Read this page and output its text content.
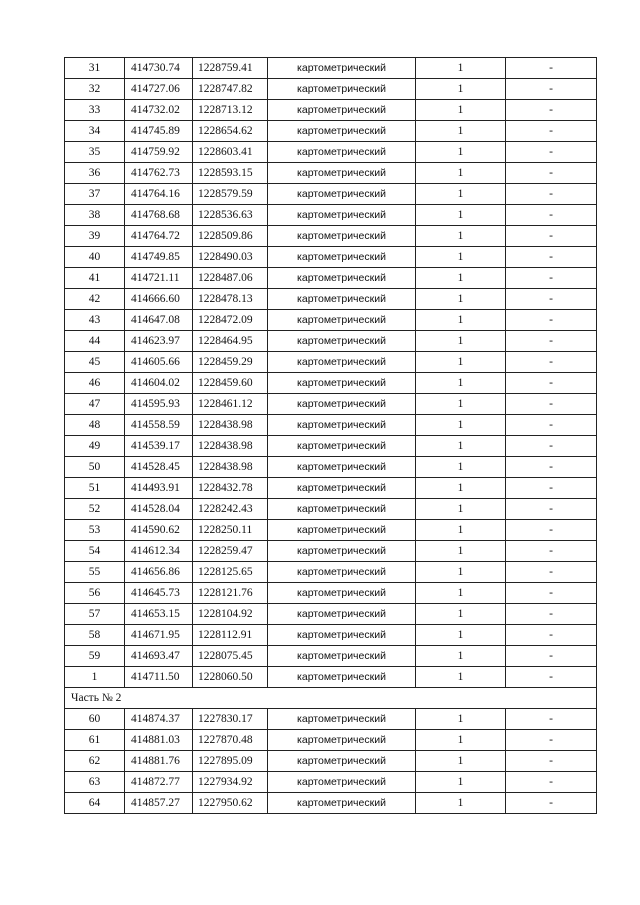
31	414730.74	1228759.41	картометрический	1	-
32	414727.06	1228747.82	картометрический	1	-
33	414732.02	1228713.12	картометрический	1	-
34	414745.89	1228654.62	картометрический	1	-
35	414759.92	1228603.41	картометрический	1	-
36	414762.73	1228593.15	картометрический	1	-
37	414764.16	1228579.59	картометрический	1	-
38	414768.68	1228536.63	картометрический	1	-
39	414764.72	1228509.86	картометрический	1	-
40	414749.85	1228490.03	картометрический	1	-
41	414721.11	1228487.06	картометрический	1	-
42	414666.60	1228478.13	картометрический	1	-
43	414647.08	1228472.09	картометрический	1	-
44	414623.97	1228464.95	картометрический	1	-
45	414605.66	1228459.29	картометрический	1	-
46	414604.02	1228459.60	картометрический	1	-
47	414595.93	1228461.12	картометрический	1	-
48	414558.59	1228438.98	картометрический	1	-
49	414539.17	1228438.98	картометрический	1	-
50	414528.45	1228438.98	картометрический	1	-
51	414493.91	1228432.78	картометрический	1	-
52	414528.04	1228242.43	картометрический	1	-
53	414590.62	1228250.11	картометрический	1	-
54	414612.34	1228259.47	картометрический	1	-
55	414656.86	1228125.65	картометрический	1	-
56	414645.73	1228121.76	картометрический	1	-
57	414653.15	1228104.92	картометрический	1	-
58	414671.95	1228112.91	картометрический	1	-
59	414693.47	1228075.45	картометрический	1	-
1	414711.50	1228060.50	картометрический	1	-
Часть № 2					
60	414874.37	1227830.17	картометрический	1	-
61	414881.03	1227870.48	картометрический	1	-
62	414881.76	1227895.09	картометрический	1	-
63	414872.77	1227934.92	картометрический	1	-
64	414857.27	1227950.62	картометрический	1	-
